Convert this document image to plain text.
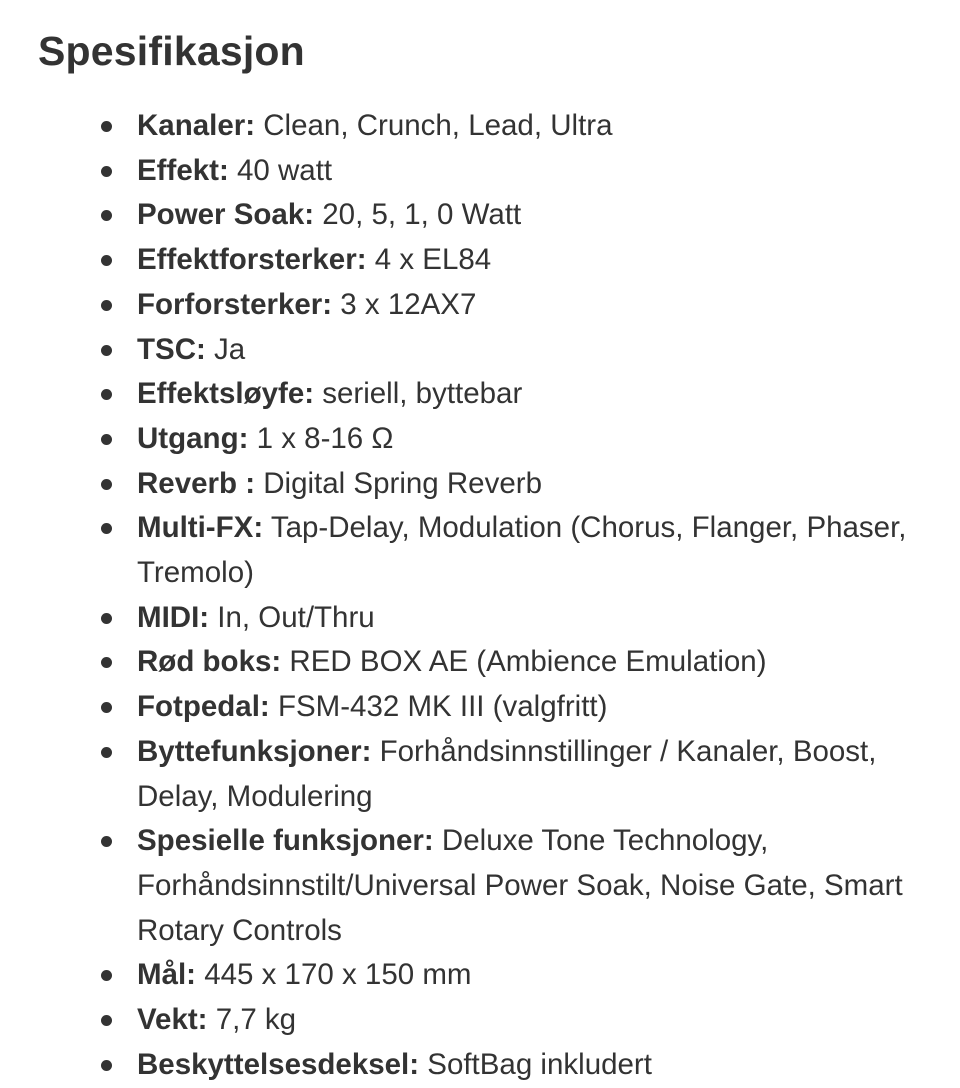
Spesifikasjon
Kanaler: Clean, Crunch, Lead, Ultra
Effekt: 40 watt
Power Soak: 20, 5, 1, 0 Watt
Effektforsterker: 4 x EL84
Forforsterker: 3 x 12AX7
TSC: Ja
Effektsløyfe: seriell, byttebar
Utgang: 1 x 8-16 Ω
Reverb : Digital Spring Reverb
Multi-FX: Tap-Delay, Modulation (Chorus, Flanger, Phaser, Tremolo)
MIDI: In, Out/Thru
Rød boks: RED BOX AE (Ambience Emulation)
Fotpedal: FSM-432 MK III (valgfritt)
Byttefunksjoner: Forhåndsinnstillinger / Kanaler, Boost, Delay, Modulering
Spesielle funksjoner: Deluxe Tone Technology, Forhåndsinnstilt/Universal Power Soak, Noise Gate, Smart Rotary Controls
Mål: 445 x 170 x 150 mm
Vekt: 7,7 kg
Beskyttelsesdeksel: SoftBag inkludert
